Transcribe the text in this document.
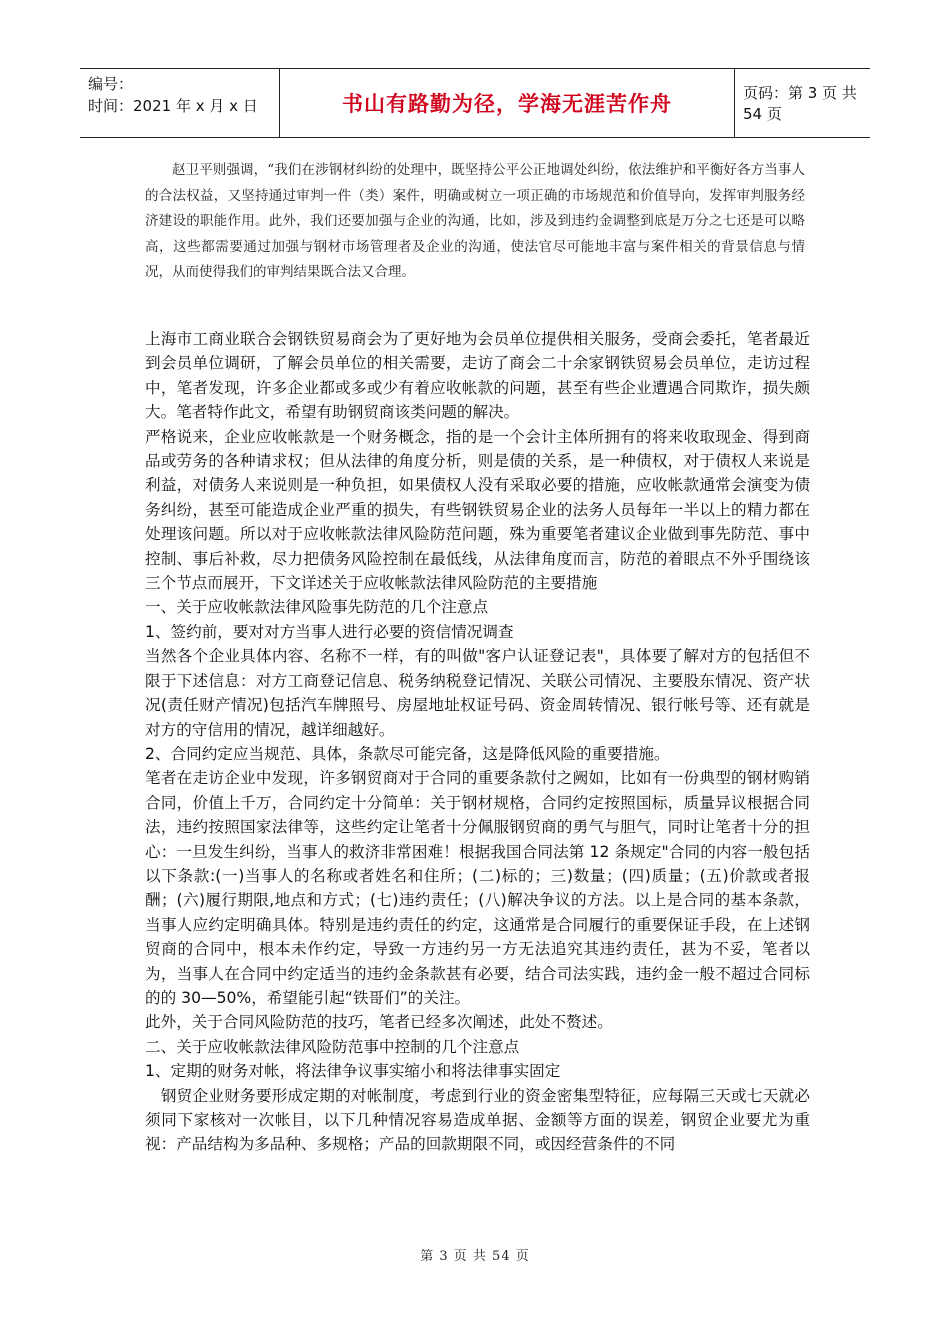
编号：
时间：2021 年 x 月 x 日	书山有路勤为径，学海无涯苦作舟	页码：第 3 页 共 54 页
赵卫平则强调，“我们在涉钢材纠纷的处理中，既坚持公平公正地调处纠纷，依法维护和平衡好各方当事人的合法权益，又坚持通过审判一件（类）案件，明确或树立一项正确的市场规范和价值导向，发挥审判服务经济建设的职能作用。此外，我们还要加强与企业的沟通，比如，涉及到违约金调整到底是万分之七还是可以略高，这些都需要通过加强与钢材市场管理者及企业的沟通，使法官尽可能地丰富与案件相关的背景信息与情况，从而使得我们的审判结果既合法又合理。

上海市工商业联合会钢铁贸易商会为了更好地为会员单位提供相关服务，受商会委托，笔者最近到会员单位调研，了解会员单位的相关需要，走访了商会二十余家钢铁贸易会员单位，走访过程中，笔者发现，许多企业都或多或少有着应收帐款的问题，甚至有些企业遭遇合同欺诈，损失颇大。笔者特作此文，希望有助钢贸商该类问题的解决。

严格说来，企业应收帐款是一个财务概念，指的是一个会计主体所拥有的将来收取现金、得到商品或劳务的各种请求权；但从法律的角度分析，则是债的关系，是一种债权，对于债权人来说是利益，对债务人来说则是一种负担，如果债权人没有采取必要的措施，应收帐款通常会演变为债务纠纷，甚至可能造成企业严重的损失，有些钢铁贸易企业的法务人员每年一半以上的精力都在处理该问题。所以对于应收帐款法律风险防范问题，殊为重要笔者建议企业做到事先防范、事中控制、事后补救，尽力把债务风险控制在最低线，从法律角度而言，防范的着眼点不外乎围绕该三个节点而展开，下文详述关于应收帐款法律风险防范的主要措施

一、关于应收帐款法律风险事先防范的几个注意点

1、签约前，要对对方当事人进行必要的资信情况调查

当然各个企业具体内容、名称不一样，有的叫做"客户认证登记表"，具体要了解对方的包括但不限于下述信息：对方工商登记信息、税务纳税登记情况、关联公司情况、主要股东情况、资产状况(责任财产情况)包括汽车牌照号、房屋地址权证号码、资金周转情况、银行帐号等、还有就是对方的守信用的情况，越详细越好。

2、合同约定应当规范、具体，条款尽可能完备，这是降低风险的重要措施。

笔者在走访企业中发现，许多钢贸商对于合同的重要条款付之阙如，比如有一份典型的钢材购销合同，价值上千万，合同约定十分简单：关于钢材规格，合同约定按照国标，质量异议根据合同法，违约按照国家法律等，这些约定让笔者十分佩服钢贸商的勇气与胆气，同时让笔者十分的担心：一旦发生纠纷，当事人的救济非常困难！根据我国合同法第 12 条规定"合同的内容一般包括以下条款:(一)当事人的名称或者姓名和住所；(二)标的；三)数量；(四)质量；(五)价款或者报酬；(六)履行期限,地点和方式；(七)违约责任；(八)解决争议的方法。以上是合同的基本条款，当事人应约定明确具体。特别是违约责任的约定，这通常是合同履行的重要保证手段，在上述钢贸商的合同中，根本未作约定，导致一方违约另一方无法追究其违约责任，甚为不妥，笔者以为，当事人在合同中约定适当的违约金条款甚有必要，结合司法实践，违约金一般不超过合同标的的 30—50%，希望能引起“铁哥们”的关注。

此外，关于合同风险防范的技巧，笔者已经多次阐述，此处不赘述。

二、关于应收帐款法律风险防范事中控制的几个注意点

1、定期的财务对帐，将法律争议事实缩小和将法律事实固定

　钢贸企业财务要形成定期的对帐制度，考虑到行业的资金密集型特征，应每隔三天或七天就必须同下家核对一次帐目，以下几种情况容易造成单据、金额等方面的误差，钢贸企业要尤为重视：产品结构为多品种、多规格；产品的回款期限不同，或因经营条件的不同

第 3 页 共 54 页
